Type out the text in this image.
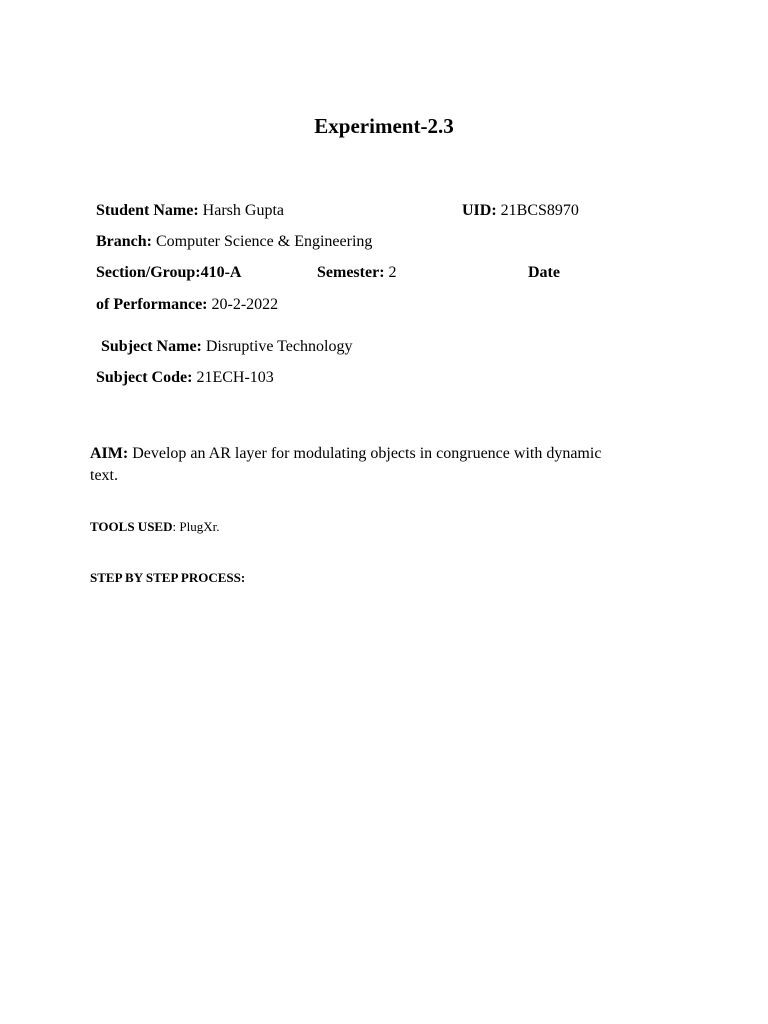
Experiment-2.3
Student Name: Harsh Gupta	UID: 21BCS8970
Branch: Computer Science & Engineering
Section/Group:410-A	Semester: 2	Date
of Performance: 20-2-2022
Subject Name: Disruptive Technology
Subject Code: 21ECH-103
AIM: Develop an AR layer for modulating objects in congruence with dynamic
text.
TOOLS USED: PlugXr.
STEP BY STEP PROCESS:
